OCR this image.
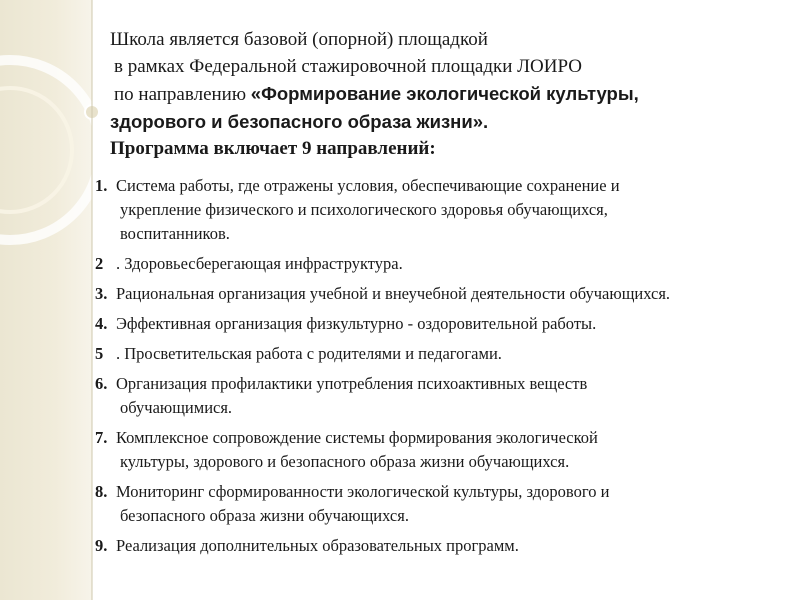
Школа является базовой (опорной) площадкой
в рамках Федеральной стажировочной площадки ЛОИРО
по направлению «Формирование экологической культуры,
здорового и безопасного образа жизни».
Программа включает 9 направлений:
1. Система работы, где отражены условия, обеспечивающие сохранение и
укрепление физического и психологического здоровья обучающихся,
воспитанников.
2 . Здоровьесберегающая инфраструктура.
3. Рациональная организация учебной и внеучебной деятельности обучающихся.
4. Эффективная организация физкультурно - оздоровительной работы.
5 . Просветительская работа с родителями и педагогами.
6. Организация профилактики употребления психоактивных веществ
обучающимися.
7. Комплексное сопровождение системы формирования экологической
культуры, здорового и безопасного образа жизни обучающихся.
8. Мониторинг сформированности экологической культуры, здорового и
безопасного образа жизни обучающихся.
9. Реализация дополнительных образовательных программ.
